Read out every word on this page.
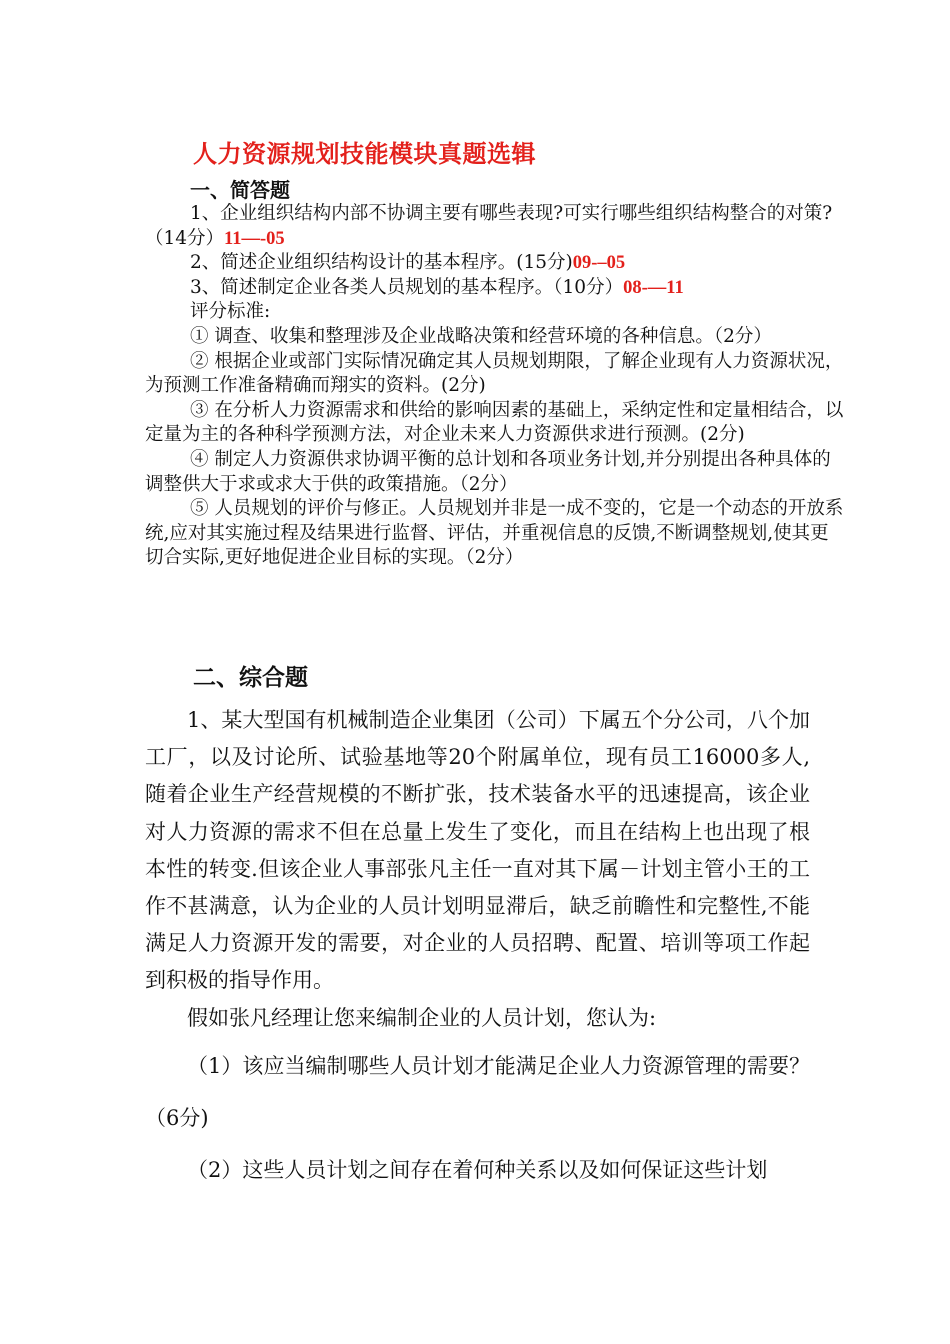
人力资源规划技能模块真题选辑
一、简答题

1、企业组织结构内部不协调主要有哪些表现?可实行哪些组织结构整合的对策?（14分）11—-05

2、简述企业组织结构设计的基本程序。(15分)09-–05

3、简述制定企业各类人员规划的基本程序。（10分）08-—11

评分标准:

① 调查、收集和整理涉及企业战略决策和经营环境的各种信息。（2分）

② 根据企业或部门实际情况确定其人员规划期限，了解企业现有人力资源状况，为预测工作准备精确而翔实的资料。(2分)

③ 在分析人力资源需求和供给的影响因素的基础上，采纳定性和定量相结合，以定量为主的各种科学预测方法，对企业未来人力资源供求进行预测。(2分)

④ 制定人力资源供求协调平衡的总计划和各项业务计划,并分别提出各种具体的调整供大于求或求大于供的政策措施。（2分）

⑤ 人员规划的评价与修正。人员规划并非是一成不变的，它是一个动态的开放系统,应对其实施过程及结果进行监督、评估，并重视信息的反馈,不断调整规划,使其更切合实际,更好地促进企业目标的实现。（2分）

二、综合题

1、某大型国有机械制造企业集团（公司）下属五个分公司，八个加工厂，以及讨论所、试验基地等20个附属单位，现有员工16000多人,随着企业生产经营规模的不断扩张，技术装备水平的迅速提高，该企业对人力资源的需求不但在总量上发生了变化，而且在结构上也出现了根本性的转变.但该企业人事部张凡主任一直对其下属－计划主管小王的工作不甚满意，认为企业的人员计划明显滞后，缺乏前瞻性和完整性,不能满足人力资源开发的需要，对企业的人员招聘、配置、培训等项工作起到积极的指导作用。

假如张凡经理让您来编制企业的人员计划，您认为:

（1）该应当编制哪些人员计划才能满足企业人力资源管理的需要？（6分)

（2）这些人员计划之间存在着何种关系以及如何保证这些计划
